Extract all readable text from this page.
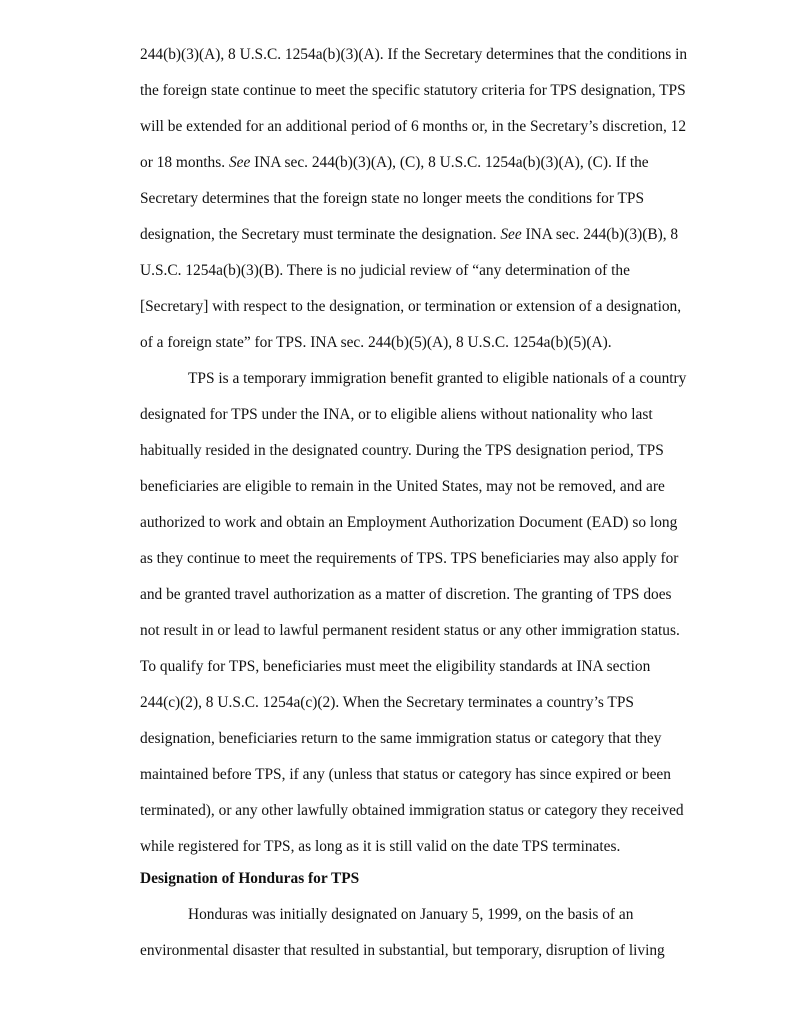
244(b)(3)(A), 8 U.S.C. 1254a(b)(3)(A). If the Secretary determines that the conditions in
the foreign state continue to meet the specific statutory criteria for TPS designation, TPS
will be extended for an additional period of 6 months or, in the Secretary’s discretion, 12
or 18 months. See INA sec. 244(b)(3)(A), (C), 8 U.S.C. 1254a(b)(3)(A), (C). If the
Secretary determines that the foreign state no longer meets the conditions for TPS
designation, the Secretary must terminate the designation. See INA sec. 244(b)(3)(B), 8
U.S.C. 1254a(b)(3)(B). There is no judicial review of “any determination of the
[Secretary] with respect to the designation, or termination or extension of a designation,
of a foreign state” for TPS. INA sec. 244(b)(5)(A), 8 U.S.C. 1254a(b)(5)(A).
TPS is a temporary immigration benefit granted to eligible nationals of a country
designated for TPS under the INA, or to eligible aliens without nationality who last
habitually resided in the designated country. During the TPS designation period, TPS
beneficiaries are eligible to remain in the United States, may not be removed, and are
authorized to work and obtain an Employment Authorization Document (EAD) so long
as they continue to meet the requirements of TPS. TPS beneficiaries may also apply for
and be granted travel authorization as a matter of discretion. The granting of TPS does
not result in or lead to lawful permanent resident status or any other immigration status.
To qualify for TPS, beneficiaries must meet the eligibility standards at INA section
244(c)(2), 8 U.S.C. 1254a(c)(2). When the Secretary terminates a country’s TPS
designation, beneficiaries return to the same immigration status or category that they
maintained before TPS, if any (unless that status or category has since expired or been
terminated), or any other lawfully obtained immigration status or category they received
while registered for TPS, as long as it is still valid on the date TPS terminates.
Designation of Honduras for TPS
Honduras was initially designated on January 5, 1999, on the basis of an
environmental disaster that resulted in substantial, but temporary, disruption of living
